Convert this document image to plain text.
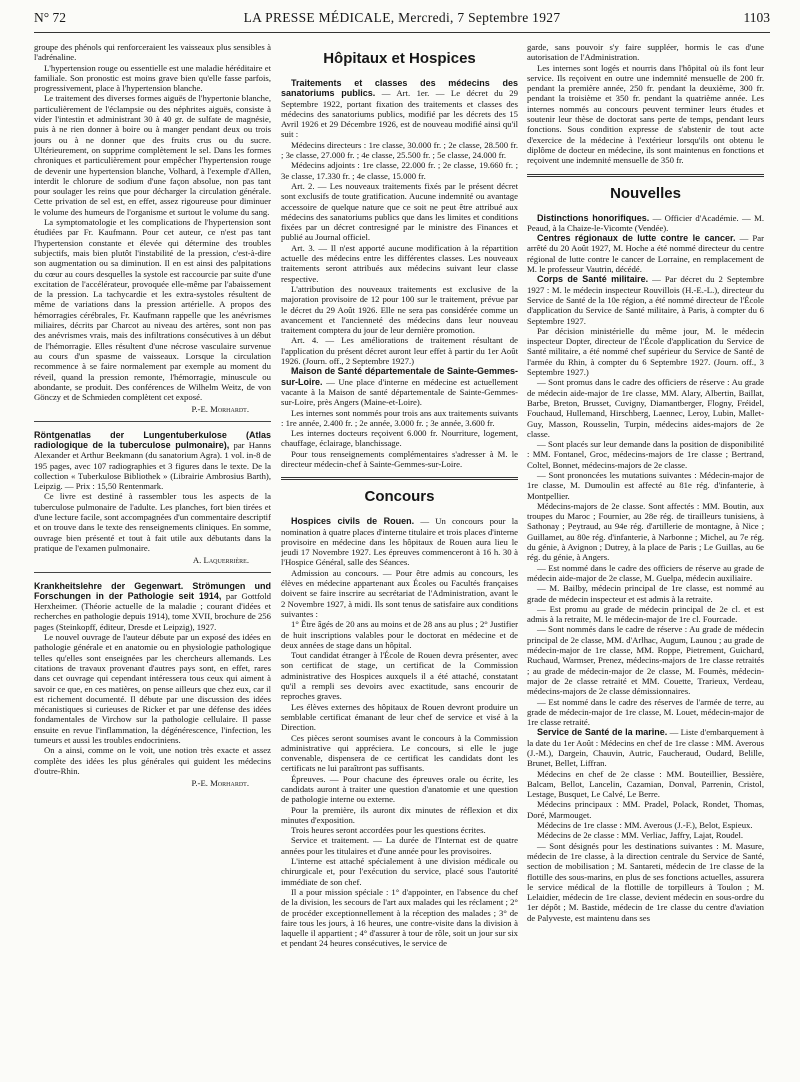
N° 72	LA PRESSE MÉDICALE, Mercredi, 7 Septembre 1927	1103

groupe des phénols qui renforceraient les vaisseaux plus sensibles à l'adrénaline.

L'hypertension rouge ou essentielle est une maladie héréditaire et familiale. Son pronostic est moins grave bien qu'elle fasse parfois, progressivement, place à l'hypertension blanche.

Le traitement des diverses formes aiguës de l'hypertonie blanche, particulièrement de l'éclampsie ou des néphrites aiguës, consiste à vider l'intestin et administrant 30 à 40 gr. de sulfate de magnésie, puis à ne rien donner à boire ou à manger pendant deux ou trois jours ou à ne donner que des fruits crus ou du sucre. Ultérieurement, on supprime complètement le sel. Dans les formes chroniques et particulièrement pour empêcher l'hypertension rouge de devenir une hypertension blanche, Volhard, à l'exemple d'Allen, interdit le chlorure de sodium d'une façon absolue, non pas tant pour soulager les reins que pour décharger la circulation générale. Cette privation de sel est, en effet, assez rigoureuse pour diminuer le volume des humeurs de l'organisme et surtout le volume du sang.

La symptomatologie et les complications de l'hypertension sont étudiées par Fr. Kaufmann. Pour cet auteur, ce n'est pas tant l'hypertension constante et élevée qui détermine des troubles subjectifs, mais bien plutôt l'instabilité de la pression, c'est-à-dire son augmentation ou sa diminution. Il en est ainsi des palpitations du cœur au cours desquelles la systole est raccourcie par suite d'une excitation de l'accélérateur, provoquée elle-même par l'abaissement de la pression. La tachycardie et les extra-systoles résultent de même de variations dans la pression artérielle. A propos des hémorragies cérébrales, Fr. Kaufmann rappelle que les anévrismes miliaires, décrits par Charcot au niveau des artères, sont non pas des anévrismes vrais, mais des infiltrations consécutives à un début de l'hémorragie. Elles résultent d'une nécrose vasculaire survenue au cours d'un spasme de vaisseaux. Lorsque la circulation recommence à se faire normalement par exemple au moment du réveil, quand la pression remonte, l'hémorragie, minuscule ou abondante, se produit. Des conférences de Wilhelm Weitz, de von Gönczy et de Schmieden complètent cet exposé.

P.-E. Morhardt.

Röntgenatlas der Lungentuberkulose (Atlas radiologique de la tuberculose pulmonaire), par Hanns Alexander et Arthur Beekmann (du sanatorium Agra). 1 vol. in-8 de 195 pages, avec 107 radiographies et 3 figures dans le texte. De la collection « Tuberkulose Bibliothek » (Librairie Ambrosius Barth), Leipzig. — Prix : 15,50 Rentenmark.

Ce livre est destiné à rassembler tous les aspects de la tuberculose pulmonaire de l'adulte. Les planches, fort bien tirées et d'une lecture facile, sont accompagnées d'un commentaire descriptif et on trouve dans le texte des renseignements cliniques. En somme, ouvrage bien présenté et tout à fait utile aux débutants dans la pratique de l'examen pulmonaire.

A. Laquerrière.

Krankheitslehre der Gegenwart. Strömungen und Forschungen in der Pathologie seit 1914, par Gottfold Herxheimer. (Théorie actuelle de la maladie ; courant d'idées et recherches en pathologie depuis 1914), tome XVII, brochure de 256 pages (Steinkopff, éditeur, Dresde et Leipzig), 1927.

Le nouvel ouvrage de l'auteur débute par un exposé des idées en pathologie générale et en anatomie ou en physiologie pathologique telles qu'elles sont enseignées par les chercheurs allemands. Les citations de travaux provenant d'autres pays sont, en effet, rares dans cet ouvrage qui cependant intéressera tous ceux qui aiment à savoir ce que, en ces matières, on pense ailleurs que chez eux, car il est richement documenté. Il débute par une discussion des idées mécanistiques si curieuses de Ricker et par une défense des idées fondamentales de Virchow sur la pathologie cellulaire. Il passe ensuite en revue l'inflammation, la dégénérescence, l'infection, les tumeurs et aussi les troubles endocriniens.

On a ainsi, comme on le voit, une notion très exacte et assez complète des idées les plus générales qui guident les médecins d'outre-Rhin.

P.-E. Morhardt.
Hôpitaux et Hospices

Traitements et classes des médecins des sanatoriums publics. — Art. 1er. — Le décret du 29 Septembre 1922, portant fixation des traitements et classes des médecins des sanatoriums publics, modifié par les décrets des 15 Avril 1926 et 29 Décembre 1926, est de nouveau modifié ainsi qu'il suit :

Médecins directeurs : 1re classe, 30.000 fr. ; 2e classe, 28.500 fr. ; 3e classe, 27.000 fr. ; 4e classe, 25.500 fr. ; 5e classe, 24.000 fr.

Médecins adjoints : 1re classe, 22.000 fr. ; 2e classe, 19.660 fr. ; 3e classe, 17.330 fr. ; 4e classe, 15.000 fr.

Art. 2. — Les nouveaux traitements fixés par le présent décret sont exclusifs de toute gratification. Aucune indemnité ou avantage accessoire de quelque nature que ce soit ne peut être attribué aux médecins des sanatoriums publics que dans les limites et conditions fixées par un décret contresigné par le ministre des Finances et publié au Journal officiel.

Art. 3. — Il n'est apporté aucune modification à la répartition actuelle des médecins entre les différentes classes. Les nouveaux traitements seront attribués aux médecins suivant leur classe respective.

L'attribution des nouveaux traitements est exclusive de la majoration provisoire de 12 pour 100 sur le traitement, prévue par le décret du 29 Août 1926. Elle ne sera pas considérée comme un avancement et l'ancienneté des médecins dans leur nouveau traitement comptera du jour de leur dernière promotion.

Art. 4. — Les améliorations de traitement résultant de l'application du présent décret auront leur effet à partir du 1er Août 1926. (Journ. off., 2 Septembre 1927.)

Maison de Santé départementale de Sainte-Gemmes-sur-Loire. — Une place d'interne en médecine est actuellement vacante à la Maison de santé départementale de Sainte-Gemmes-sur-Loire, près Angers (Maine-et-Loire).

Les internes sont nommés pour trois ans aux traitements suivants : 1re année, 2.400 fr. ; 2e année, 3.000 fr. ; 3e année, 3.600 fr.

Les internes docteurs reçoivent 6.000 fr. Nourriture, logement, chauffage, éclairage, blanchissage.

Pour tous renseignements complémentaires s'adresser à M. le directeur médecin-chef à Sainte-Gemmes-sur-Loire.

Concours

Hospices civils de Rouen. — Un concours pour la nomination à quatre places d'interne titulaire et trois places d'interne provisoire en médecine dans les hôpitaux de Rouen aura lieu le jeudi 17 Novembre 1927. Les épreuves commenceront à 16 h. 30 à l'Hospice Général, salle des Séances.

Admission au concours. — Pour être admis au concours, les élèves en médecine appartenant aux Écoles ou Facultés françaises doivent se faire inscrire au secrétariat de l'Administration, avant le 2 Novembre 1927, à midi. Ils sont tenus de satisfaire aux conditions suivantes :

1° Être âgés de 20 ans au moins et de 28 ans au plus ; 2° Justifier de huit inscriptions valables pour le doctorat en médecine et de deux années de stage dans un hôpital.

Tout candidat étranger à l'École de Rouen devra présenter, avec son certificat de stage, un certificat de la Commission administrative des Hospices auxquels il a été attaché, constatant qu'il a rempli ses devoirs avec exactitude, sans encourir de reproches graves.

Les élèves externes des hôpitaux de Rouen devront produire un semblable certificat émanant de leur chef de service et visé à la Direction.

Ces pièces seront soumises avant le concours à la Commission administrative qui appréciera. Le concours, si elle le juge convenable, dispensera de ce certificat les candidats dont les certificats ne lui paraîtront pas suffisants.

Épreuves. — Pour chacune des épreuves orale ou écrite, les candidats auront à traiter une question d'anatomie et une question de pathologie interne ou externe.

Pour la première, ils auront dix minutes de réflexion et dix minutes d'exposition.

Trois heures seront accordées pour les questions écrites.

Service et traitement. — La durée de l'Internat est de quatre années pour les titulaires et d'une année pour les provisoires.

L'interne est attaché spécialement à une division médicale ou chirurgicale et, pour l'exécution du service, placé sous l'autorité immédiate de son chef.

Il a pour mission spéciale : 1° d'appointer, en l'absence du chef de la division, les secours de l'art aux malades qui les réclament ; 2° de procéder exceptionnellement à la réception des malades ; 3° de faire tous les jours, à 16 heures, une contre-visite dans la division à laquelle il appartient ; 4° d'assurer à tour de rôle, soit un jour sur six et pendant 24 heures consécutives, le service de

garde, sans pouvoir s'y faire suppléer, hormis le cas d'une autorisation de l'Administration.

Les internes sont logés et nourris dans l'hôpital où ils font leur service. Ils reçoivent en outre une indemnité mensuelle de 200 fr. pendant la première année, 250 fr. pendant la deuxième, 300 fr. pendant la troisième et 350 fr. pendant la quatrième année. Les internes nommés au concours peuvent terminer leurs études et soutenir leur thèse de doctorat sans perte de temps, pendant leurs fonctions. Sous condition expresse de s'abstenir de tout acte d'exercice de la médecine à l'extérieur lorsqu'ils ont obtenu le diplôme de docteur en médecine, ils sont maintenus en fonctions et reçoivent une indemnité mensuelle de 350 fr.

Nouvelles

Distinctions honorifiques. — Officier d'Académie. — M. Peaud, à la Chaize-le-Vicomte (Vendée).

Centres régionaux de lutte contre le cancer. — Par arrêté du 20 Août 1927, M. Hoche a été nommé directeur du centre régional de lutte contre le cancer de Lorraine, en remplacement de M. le professeur Vautrin, décédé.

Corps de Santé militaire. — Par décret du 2 Septembre 1927 : M. le médecin inspecteur Rouvillois (H.-E.-L.), directeur du Service de Santé de la 10e région, a été nommé directeur de l'École d'application du Service de Santé militaire, à Paris, à compter du 6 Septembre 1927.

Par décision ministérielle du même jour, M. le médecin inspecteur Dopter, directeur de l'École d'application du Service de Santé militaire, a été nommé chef supérieur du Service de Santé de l'armée du Rhin, à compter du 6 Septembre 1927. (Journ. off., 3 Septembre 1927.)

— Sont promus dans le cadre des officiers de réserve : Au grade de médecin aide-major de 1re classe, MM. Alary, Albertin, Baillat, Barbe, Breton, Brusset, Cuvigny, Diamantberger, Flogny, Fréidel, Fouchaud, Hullemand, Hirschberg, Laennec, Leroy, Lubin, Mallet-Guy, Masson, Rousselin, Turpin, médecins aides-majors de 2e classe.

— Sont placés sur leur demande dans la position de disponibilité : MM. Fontanel, Groc, médecins-majors de 1re classe ; Bertrand, Coltel, Bonnet, médecins-majors de 2e classe.

— Sont prononcées les mutations suivantes : Médecin-major de 1re classe, M. Dumoulin est affecté au 81e rég. d'infanterie, à Montpellier.

Médecins-majors de 2e classe. Sont affectés : MM. Boutin, aux troupes du Maroc ; Fournier, au 28e rég. de tirailleurs tunisiens, à Sathonay ; Peytraud, au 94e rég. d'artillerie de montagne, à Nice ; Guillamet, au 80e rég. d'infanterie, à Narbonne ; Michel, au 7e rég. du génie, à Avignon ; Dutrey, à la place de Paris ; Le Guillas, au 6e rég. du génie, à Angers.

— Est nommé dans le cadre des officiers de réserve au grade de médecin aide-major de 2e classe, M. Guelpa, médecin auxiliaire.

— M. Bailby, médecin principal de 1re classe, est nommé au grade de médecin inspecteur et est admis à la retraite.

— Est promu au grade de médecin principal de 2e cl. et est admis à la retraite, M. le médecin-major de 1re cl. Fourcade.

— Sont nommés dans le cadre de réserve : Au grade de médecin principal de 2e classe, MM. d'Arlhac, Augum, Launou ; au grade de médecin-major de 1re classe, MM. Roppe, Pietrement, Guichard, Ruchaud, Warmser, Prenez, médecins-majors de 1re classe retraités ; au grade de médecin-major de 2e classe, M. Foumès, médecin-major de 2e classe retraité et MM. Couette, Trarieux, Verdeau, médecins-majors de 2e classe démissionnaires.

— Est nommé dans le cadre des réserves de l'armée de terre, au grade de médecin-major de 1re classe, M. Louet, médecin-major de 1re classe retraité.

Service de Santé de la marine. — Liste d'embarquement à la date du 1er Août : Médecins en chef de 1re classe : MM. Averous (J.-M.), Dargein, Chauvin, Autric, Faucheraud, Oudard, Belille, Brunet, Bellet, Liffran.

Médecins en chef de 2e classe : MM. Bouteillier, Bessière, Balcam, Bellot, Lancelin, Cazamian, Donval, Parrenin, Cristol, Lestage, Busquet, Le Calvé, Le Berre.

Médecins principaux : MM. Pradel, Polack, Rondet, Thomas, Doré, Marmouget.

Médecins de 1re classe : MM. Averous (J.-F.), Belot, Espieux.

Médecins de 2e classe : MM. Verliac, Jaffry, Lajat, Roudel.

— Sont désignés pour les destinations suivantes : M. Masure, médecin de 1re classe, à la direction centrale du Service de Santé, section de mobilisation ; M. Santareti, médecin de 1re classe de la flottille des sous-marins, en plus de ses fonctions actuelles, assurera le service médical de la flottille de torpilleurs à Toulon ; M. Lelaidier, médecin de 1re classe, devient médecin en sous-ordre du 1er dépôt ; M. Bastide, médecin de 1re classe du centre d'aviation de Palyveste, est maintenu dans ses
